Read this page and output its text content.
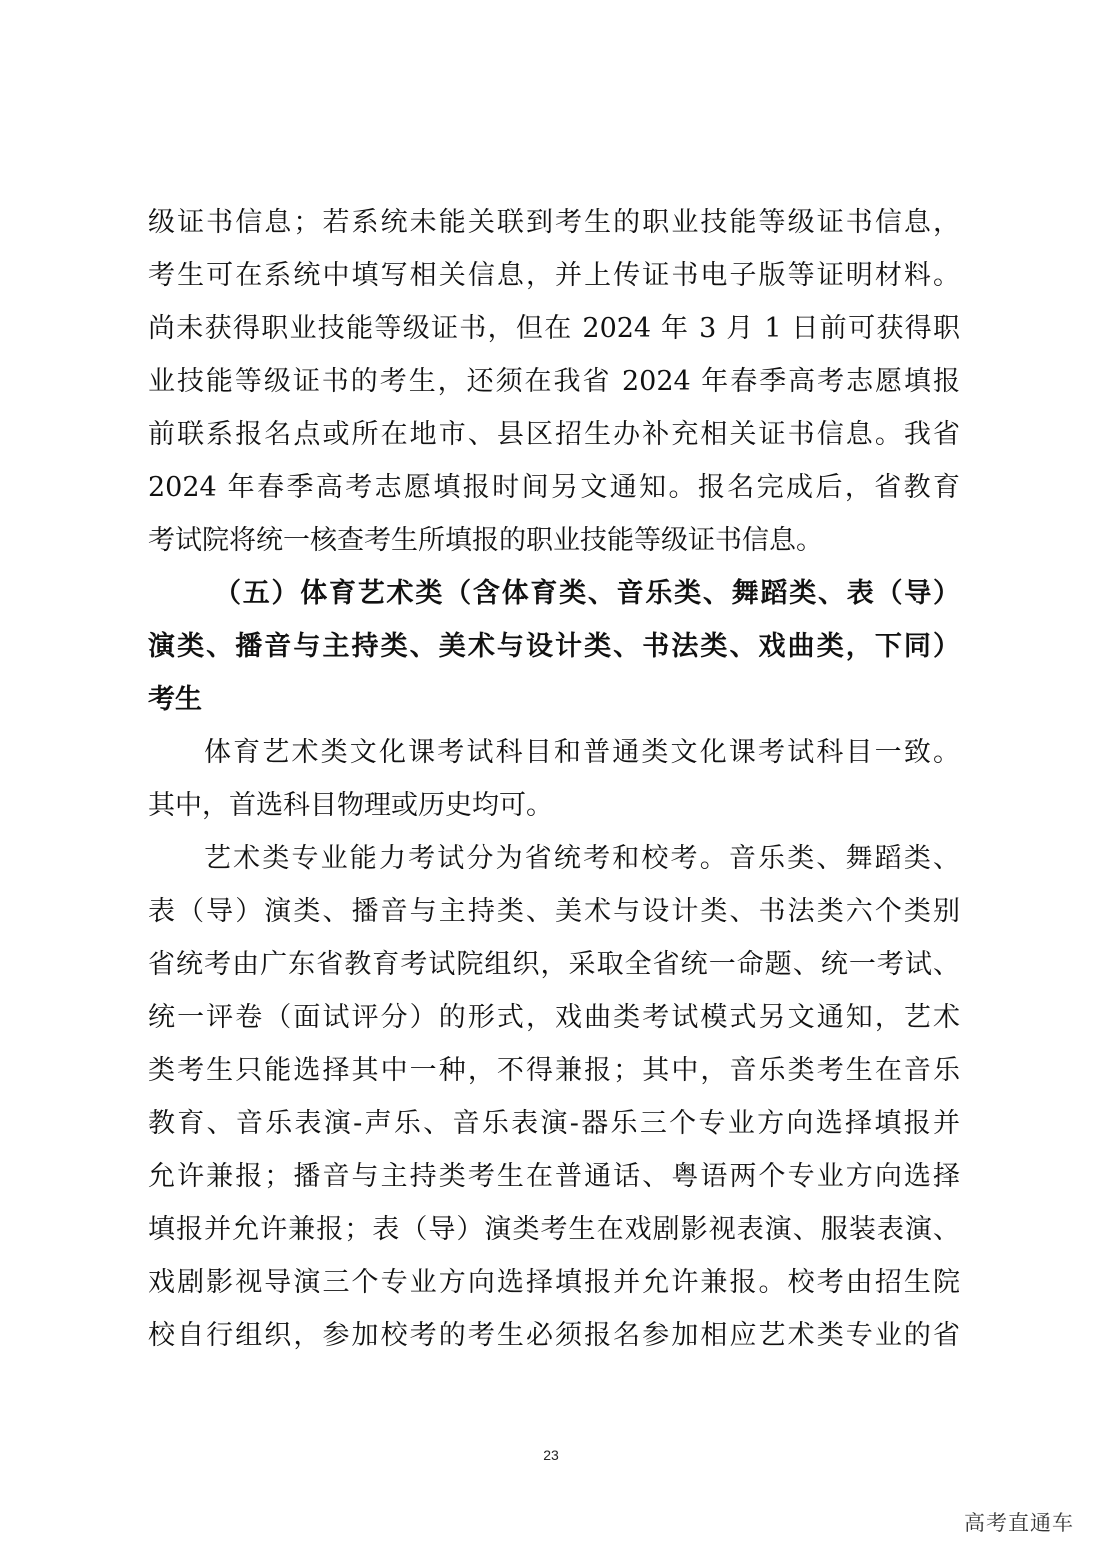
级证书信息；若系统未能关联到考生的职业技能等级证书信息，
考生可在系统中填写相关信息，并上传证书电子版等证明材料。
尚未获得职业技能等级证书，但在 2024 年 3 月 1 日前可获得职
业技能等级证书的考生，还须在我省 2024 年春季高考志愿填报
前联系报名点或所在地市、县区招生办补充相关证书信息。我省
2024 年春季高考志愿填报时间另文通知。报名完成后，省教育
考试院将统一核查考生所填报的职业技能等级证书信息。
（五）体育艺术类（含体育类、音乐类、舞蹈类、表（导）
演类、播音与主持类、美术与设计类、书法类、戏曲类，下同）
考生
体育艺术类文化课考试科目和普通类文化课考试科目一致。
其中，首选科目物理或历史均可。
艺术类专业能力考试分为省统考和校考。音乐类、舞蹈类、
表（导）演类、播音与主持类、美术与设计类、书法类六个类别
省统考由广东省教育考试院组织，采取全省统一命题、统一考试、
统一评卷（面试评分）的形式，戏曲类考试模式另文通知，艺术
类考生只能选择其中一种，不得兼报；其中，音乐类考生在音乐
教育、音乐表演-声乐、音乐表演-器乐三个专业方向选择填报并
允许兼报；播音与主持类考生在普通话、粤语两个专业方向选择
填报并允许兼报；表（导）演类考生在戏剧影视表演、服装表演、
戏剧影视导演三个专业方向选择填报并允许兼报。校考由招生院
校自行组织，参加校考的考生必须报名参加相应艺术类专业的省
23
高考直通车
